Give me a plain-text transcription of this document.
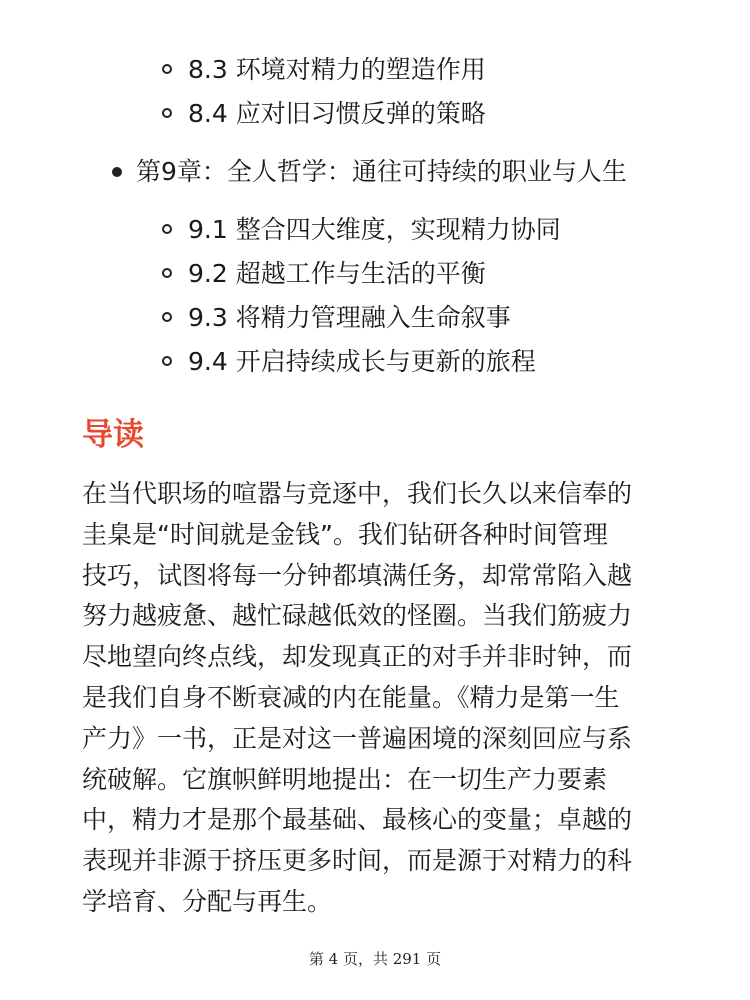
8.3 环境对精力的塑造作用
8.4 应对旧习惯反弹的策略
第9章：全人哲学：通往可持续的职业与人生
9.1 整合四大维度，实现精力协同
9.2 超越工作与生活的平衡
9.3 将精力管理融入生命叙事
9.4 开启持续成长与更新的旅程
导读
在当代职场的喧嚣与竞逐中，我们长久以来信奉的
圭臬是“时间就是金钱”。我们钻研各种时间管理
技巧，试图将每一分钟都填满任务，却常常陷入越
努力越疲惫、越忙碌越低效的怪圈。当我们筋疲力
尽地望向终点线，却发现真正的对手并非时钟，而
是我们自身不断衰减的内在能量。《精力是第一生
产力》一书，正是对这一普遍困境的深刻回应与系
统破解。它旗帜鲜明地提出：在一切生产力要素
中，精力才是那个最基础、最核心的变量；卓越的
表现并非源于挤压更多时间，而是源于对精力的科
学培育、分配与再生。
第 4 页，共 291 页
